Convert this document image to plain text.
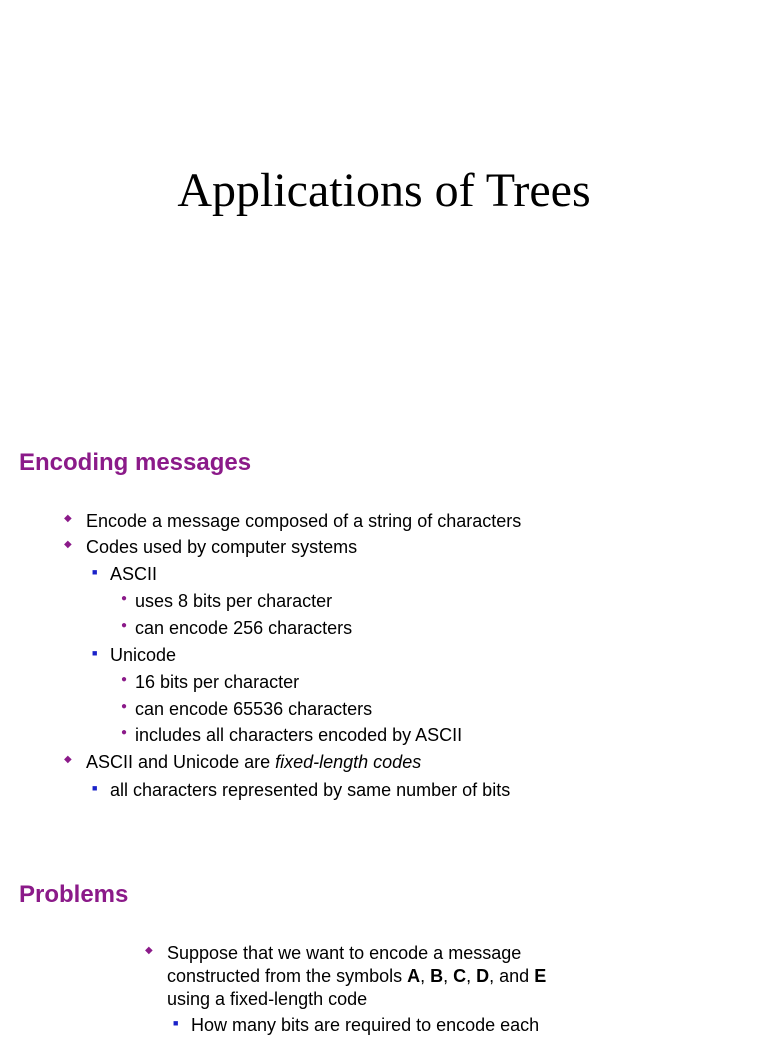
Applications of Trees
Encoding messages
◆ Encode a message composed of a string of characters
◆ Codes used by computer systems
■ ASCII
● uses 8 bits per character
● can encode 256 characters
■ Unicode
● 16 bits per character
● can encode 65536 characters
● includes all characters encoded by ASCII
◆ ASCII and Unicode are fixed-length codes
■ all characters represented by same number of bits
Problems
◆ Suppose that we want to encode a message
constructed from the symbols A, B, C, D, and E
using a fixed-length code
■ How many bits are required to encode each
